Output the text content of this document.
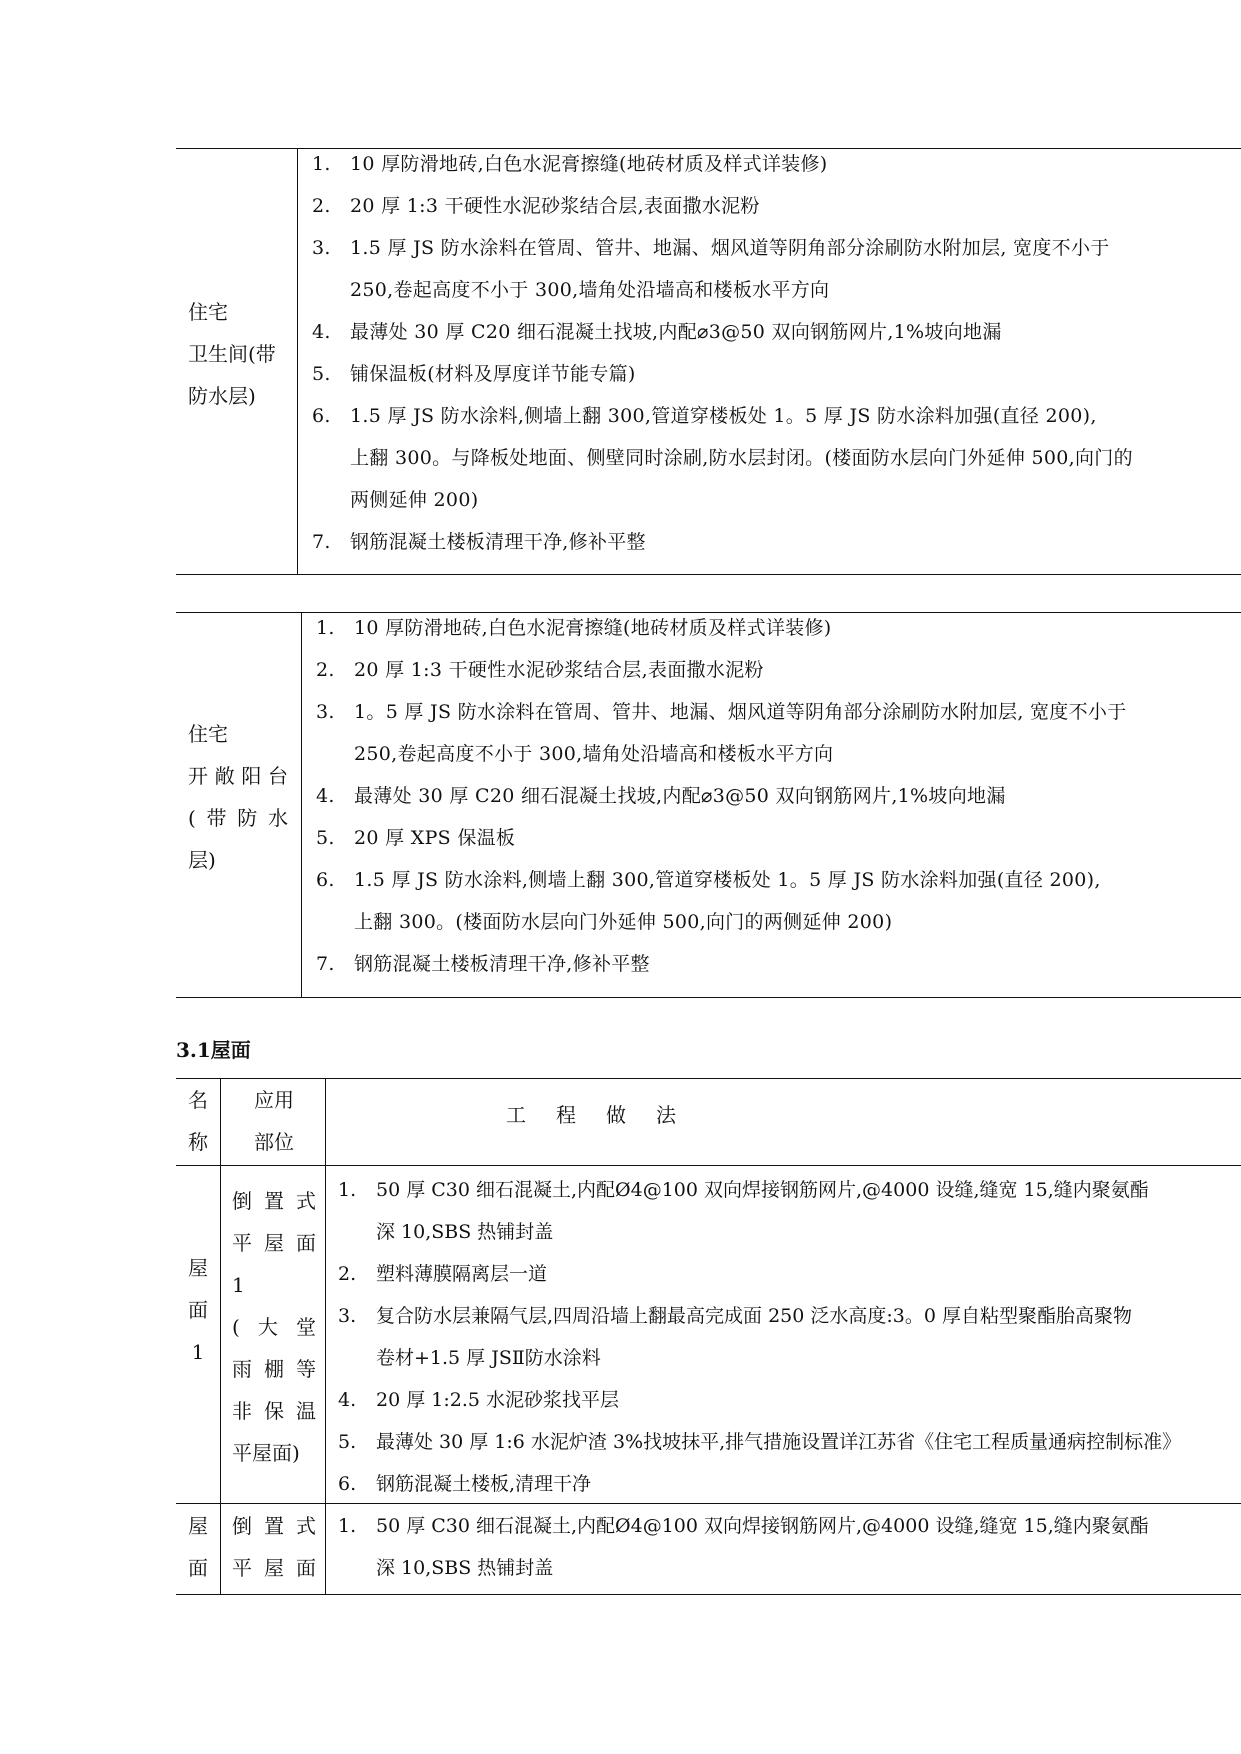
住宅
卫生间(带
防水层)
1. 10 厚防滑地砖,白色水泥膏擦缝(地砖材质及样式详装修)
2. 20 厚 1:3 干硬性水泥砂浆结合层,表面撒水泥粉
3. 1.5 厚 JS 防水涂料在管周、管井、地漏、烟风道等阴角部分涂刷防水附加层, 宽度不小于
250,卷起高度不小于 300,墙角处沿墙高和楼板水平方向
4. 最薄处 30 厚 C20 细石混凝土找坡,内配⌀3@50 双向钢筋网片,1%坡向地漏
5. 铺保温板(材料及厚度详节能专篇)
6. 1.5 厚 JS 防水涂料,侧墙上翻 300,管道穿楼板处 1。5 厚 JS 防水涂料加强(直径 200),
上翻 300。与降板处地面、侧壁同时涂刷,防水层封闭。(楼面防水层向门外延伸 500,向门的
两侧延伸 200)
7. 钢筋混凝土楼板清理干净,修补平整
住宅
开敞阳台
(带防水
层)
1. 10 厚防滑地砖,白色水泥膏擦缝(地砖材质及样式详装修)
2. 20 厚 1:3 干硬性水泥砂浆结合层,表面撒水泥粉
3. 1。5 厚 JS 防水涂料在管周、管井、地漏、烟风道等阴角部分涂刷防水附加层, 宽度不小于
250,卷起高度不小于 300,墙角处沿墙高和楼板水平方向
4. 最薄处 30 厚 C20 细石混凝土找坡,内配⌀3@50 双向钢筋网片,1%坡向地漏
5. 20 厚 XPS 保温板
6. 1.5 厚 JS 防水涂料,侧墙上翻 300,管道穿楼板处 1。5 厚 JS 防水涂料加强(直径 200),
上翻 300。(楼面防水层向门外延伸 500,向门的两侧延伸 200)
7. 钢筋混凝土楼板清理干净,修补平整
3.1屋面
名
称
应用
部位
工程做法
屋
面
1
倒置式
平屋面
1
(大堂
雨棚等
非保温
平屋面)
1. 50 厚 C30 细石混凝土,内配Ø4@100 双向焊接钢筋网片,@4000 设缝,缝宽 15,缝内聚氨酯
深 10,SBS 热铺封盖
2. 塑料薄膜隔离层一道
3. 复合防水层兼隔气层,四周沿墙上翻最高完成面 250 泛水高度:3。0 厚自粘型聚酯胎高聚物
卷材+1.5 厚 JSⅡ防水涂料
4. 20 厚 1:2.5 水泥砂浆找平层
5. 最薄处 30 厚 1:6 水泥炉渣 3%找坡抹平,排气措施设置详江苏省《住宅工程质量通病控制标准》
6. 钢筋混凝土楼板,清理干净
屋
面
倒置式
平屋面
1. 50 厚 C30 细石混凝土,内配Ø4@100 双向焊接钢筋网片,@4000 设缝,缝宽 15,缝内聚氨酯
深 10,SBS 热铺封盖
